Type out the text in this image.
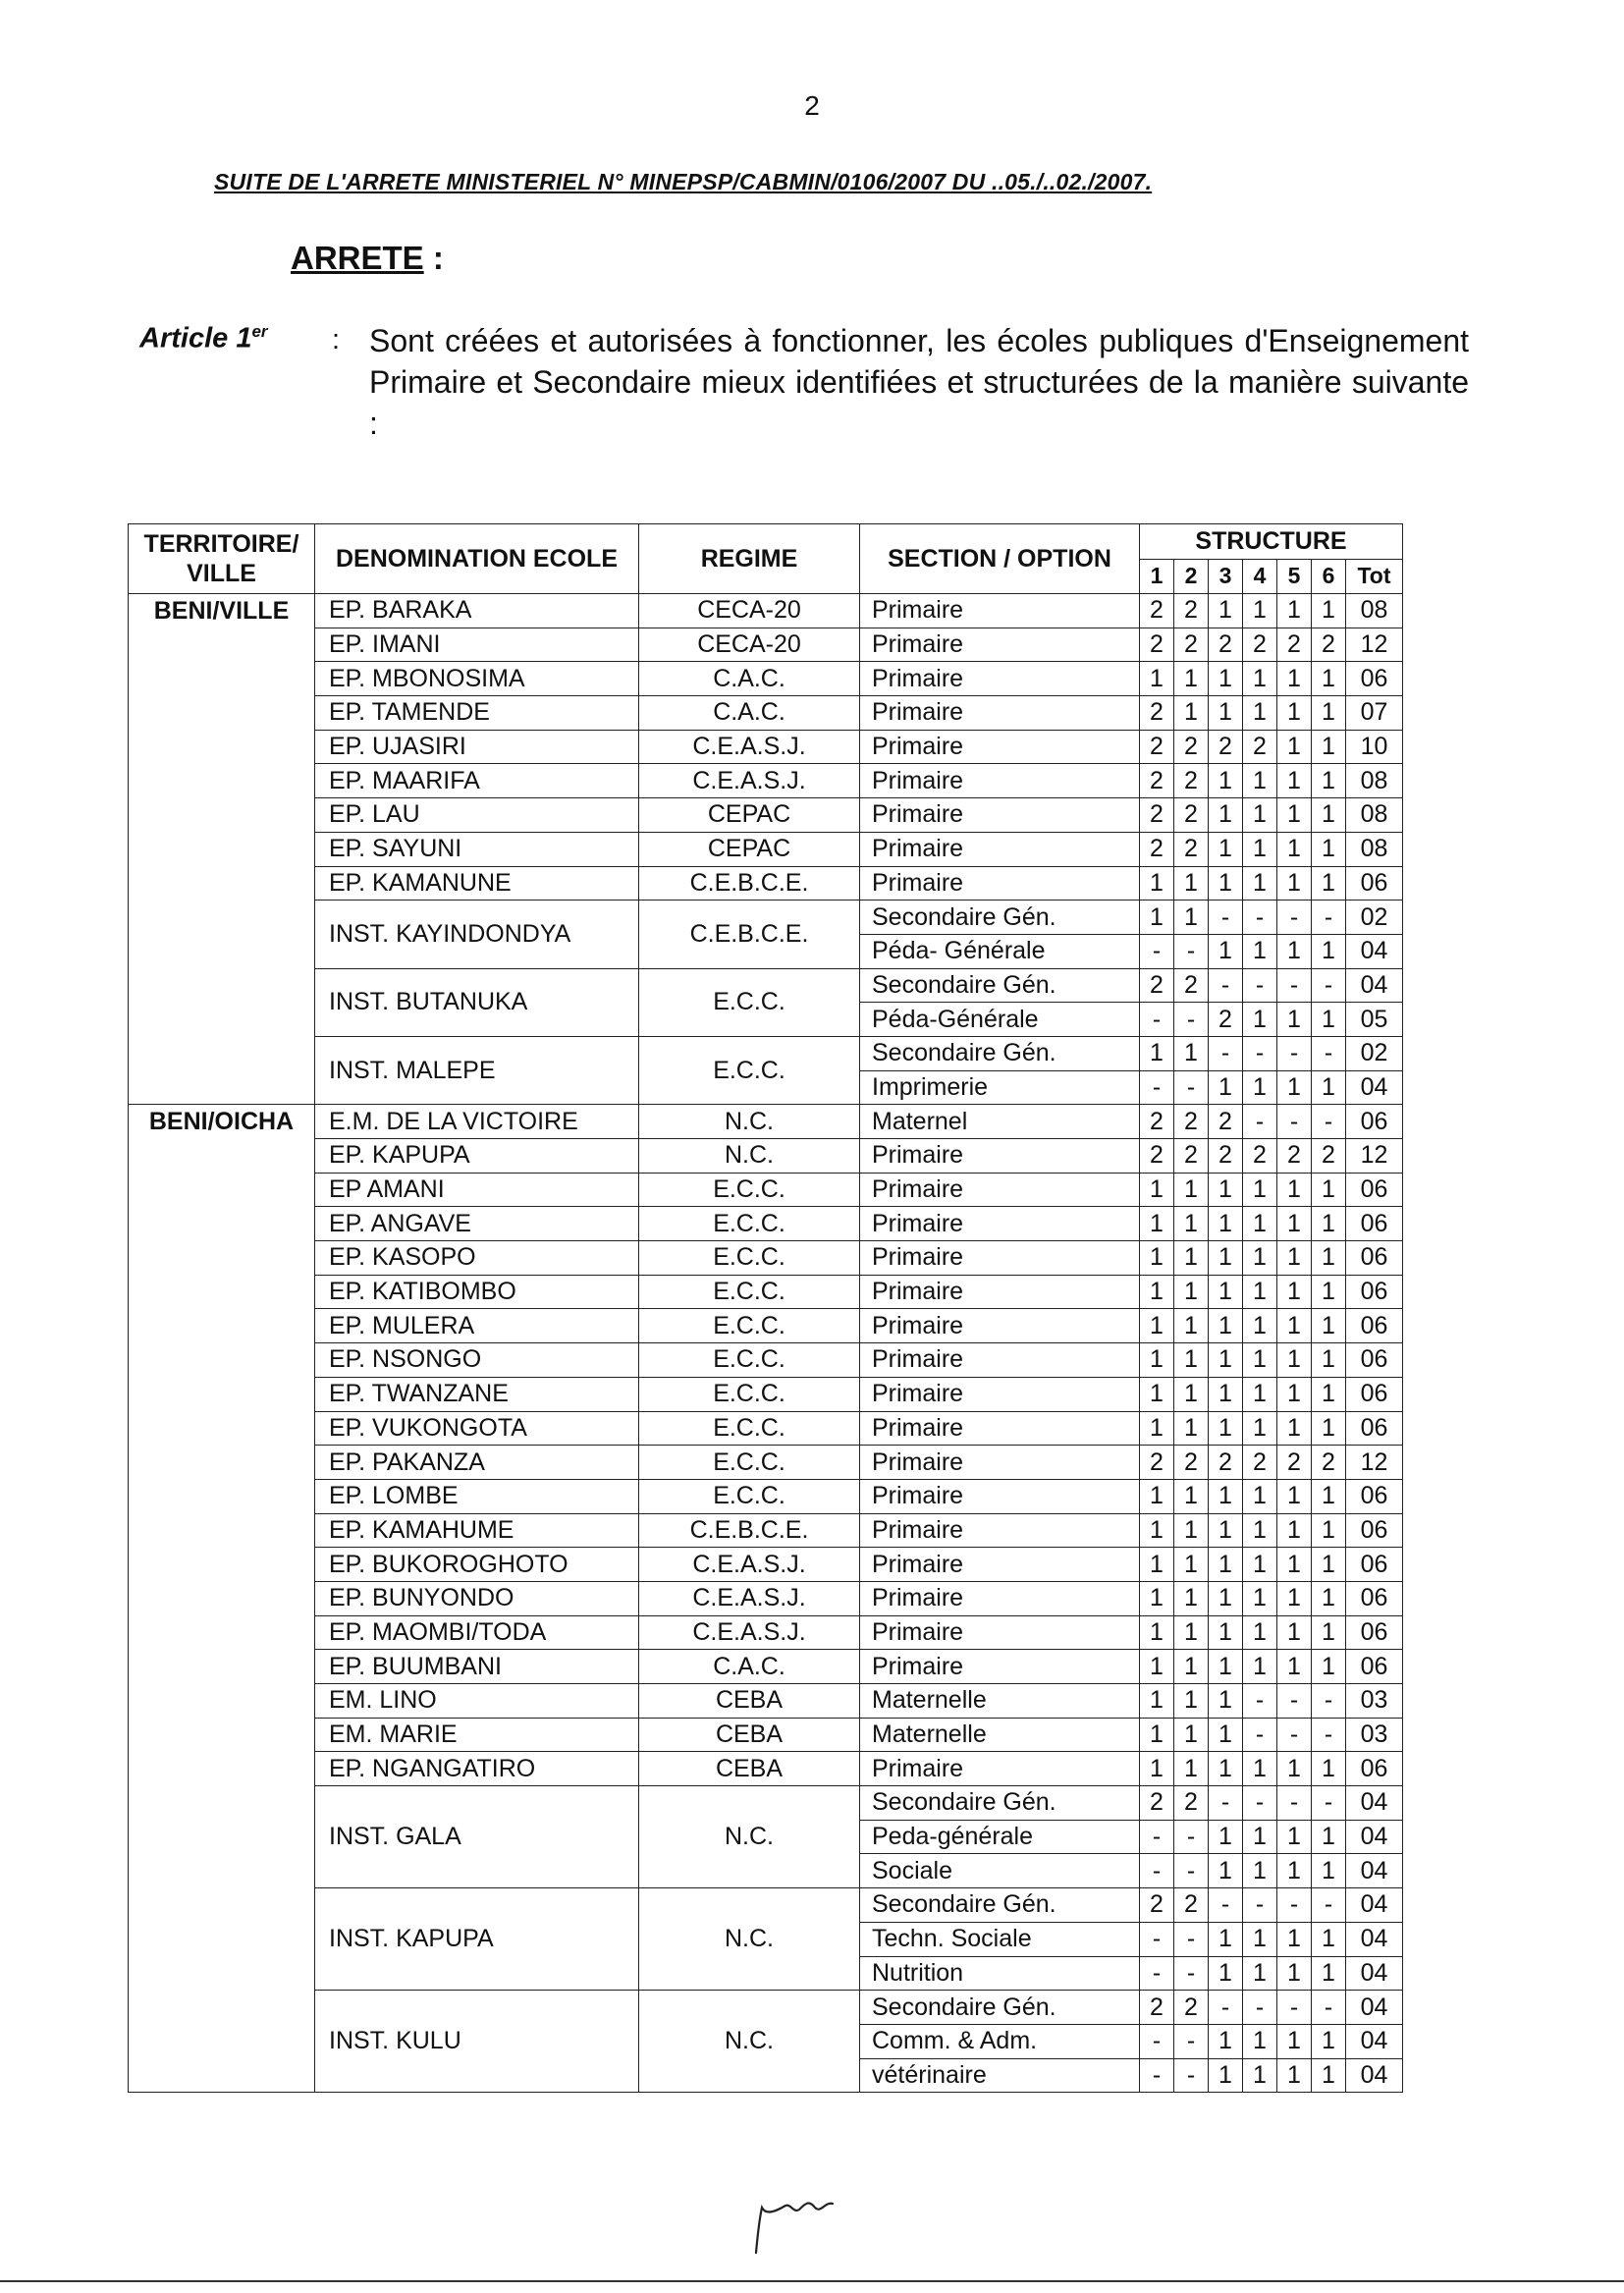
2
SUITE DE L'ARRETE MINISTERIEL N° MINEPSP/CABMIN/0106/2007 DU ..05./..02./2007.
ARRETE :
Article 1er : Sont créées et autorisées à fonctionner, les écoles publiques d'Enseignement Primaire et Secondaire mieux identifiées et structurées de la manière suivante :
TERRITOIRE/ VILLE	DENOMINATION ECOLE	REGIME	SECTION / OPTION	STRUCTURE						
				1	2	3	4	5	6	Tot

BENI/VILLE	EP. BARAKA	CECA-20	Primaire	2	2	1	1	1	1	08
	EP. IMANI	CECA-20	Primaire	2	2	2	2	2	2	12
	EP. MBONOSIMA	C.A.C.	Primaire	1	1	1	1	1	1	06
	EP. TAMENDE	C.A.C.	Primaire	2	1	1	1	1	1	07
	EP. UJASIRI	C.E.A.S.J.	Primaire	2	2	2	2	1	1	10
	EP. MAARIFA	C.E.A.S.J.	Primaire	2	2	1	1	1	1	08
	EP. LAU	CEPAC	Primaire	2	2	1	1	1	1	08
	EP. SAYUNI	CEPAC	Primaire	2	2	1	1	1	1	08
	EP. KAMANUNE	C.E.B.C.E.	Primaire	1	1	1	1	1	1	06
	INST. KAYINDONDYA	C.E.B.C.E.	Secondaire Gén.	1	1	-	-	-	-	02
			Péda- Générale	-	-	1	1	1	1	04
	INST. BUTANUKA	E.C.C.	Secondaire Gén.	2	2	-	-	-	-	04
			Péda-Générale	-	-	2	1	1	1	05
	INST. MALEPE	E.C.C.	Secondaire Gén.	1	1	-	-	-	-	02
			Imprimerie	-	-	1	1	1	1	04

BENI/OICHA	E.M. DE LA VICTOIRE	N.C.	Maternel	2	2	2	-	-	-	06
	EP. KAPUPA	N.C.	Primaire	2	2	2	2	2	2	12
	EP AMANI	E.C.C.	Primaire	1	1	1	1	1	1	06
	EP. ANGAVE	E.C.C.	Primaire	1	1	1	1	1	1	06
	EP. KASOPO	E.C.C.	Primaire	1	1	1	1	1	1	06
	EP. KATIBOMBO	E.C.C.	Primaire	1	1	1	1	1	1	06
	EP. MULERA	E.C.C.	Primaire	1	1	1	1	1	1	06
	EP. NSONGO	E.C.C.	Primaire	1	1	1	1	1	1	06
	EP. TWANZANE	E.C.C.	Primaire	1	1	1	1	1	1	06
	EP. VUKONGOTA	E.C.C.	Primaire	1	1	1	1	1	1	06
	EP. PAKANZA	E.C.C.	Primaire	2	2	2	2	2	2	12
	EP. LOMBE	E.C.C.	Primaire	1	1	1	1	1	1	06
	EP. KAMAHUME	C.E.B.C.E.	Primaire	1	1	1	1	1	1	06
	EP. BUKOROGHOTO	C.E.A.S.J.	Primaire	1	1	1	1	1	1	06
	EP. BUNYONDO	C.E.A.S.J.	Primaire	1	1	1	1	1	1	06
	EP. MAOMBI/TODA	C.E.A.S.J.	Primaire	1	1	1	1	1	1	06
	EP. BUUMBANI	C.A.C.	Primaire	1	1	1	1	1	1	06
	EM. LINO	CEBA	Maternelle	1	1	1	-	-	-	03
	EM. MARIE	CEBA	Maternelle	1	1	1	-	-	-	03
	EP. NGANGATIRO	CEBA	Primaire	1	1	1	1	1	1	06
	INST. GALA	N.C.	Secondaire Gén.	2	2	-	-	-	-	04
			Peda-générale	-	-	1	1	1	1	04
			Sociale	-	-	1	1	1	1	04
	INST. KAPUPA	N.C.	Secondaire Gén.	2	2	-	-	-	-	04
			Techn. Sociale	-	-	1	1	1	1	04
			Nutrition	-	-	1	1	1	1	04
	INST. KULU	N.C.	Secondaire Gén.	2	2	-	-	-	-	04
			Comm. & Adm.	-	-	1	1	1	1	04
			vétérinaire	-	-	1	1	1	1	04
